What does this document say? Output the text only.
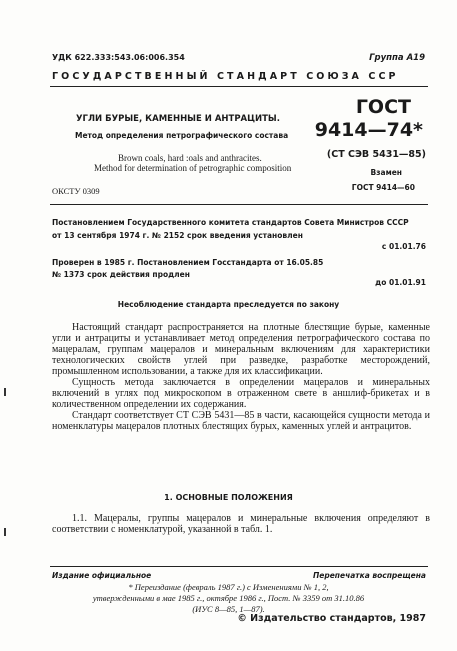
УДК 622.333:543.06:006.354	Группа А19
ГОСУДАРСТВЕННЫЙ СТАНДАРТ СОЮЗА ССР
УГЛИ БУРЫЕ, КАМЕННЫЕ И АНТРАЦИТЫ.
Метод определения петрографического состава
ГОСТ
9414—74*
(СТ СЭВ 5431—85)
Brown coals, hard :oals and anthracites.
Method for determination of petrographic composition	Взамен
ГОСТ 9414—60
ОКСТУ 0309
Постановлением Государственного комитета стандартов Совета Министров СССР
от 13 сентября 1974 г. № 2152 срок введения установлен
с 01.01.76
Проверен в 1985 г. Постановлением Госстандарта от 16.05.85
№ 1373 срок действия продлен
до 01.01.91
Несоблюдение стандарта преследуется по закону

Настоящий стандарт распространяется на плотные блестящие бурые, каменные угли и антрациты и устанавливает метод определения петрографического состава по мацералам, группам мацералов и минеральным включениям для характеристики технологических свойств углей при разведке, разработке месторождений, промышленном использовании, а также для их классификации.

Сущность метода заключается в определении мацералов и минеральных включений в углях под микроскопом в отраженном свете в аншлиф-брикетах и в количественном определении их содержания.

Стандарт соответствует СТ СЭВ 5431—85 в части, касающейся сущности метода и номенклатуры мацералов плотных блестящих бурых, каменных углей и антрацитов.

1. ОСНОВНЫЕ ПОЛОЖЕНИЯ

1.1. Мацералы, группы мацералов и минеральные включения определяют в соответствии с номенклатурой, указанной в табл. 1.

Издание официальное	Перепечатка воспрещена
* Переиздание (февраль 1987 г.) с Изменениями № 1, 2,
утвержденными в мае 1985 г., октябре 1986 г., Пост. № 3359 от 31.10.86
(ИУС 8—85, 1—87).
© Издательство стандартов, 1987
